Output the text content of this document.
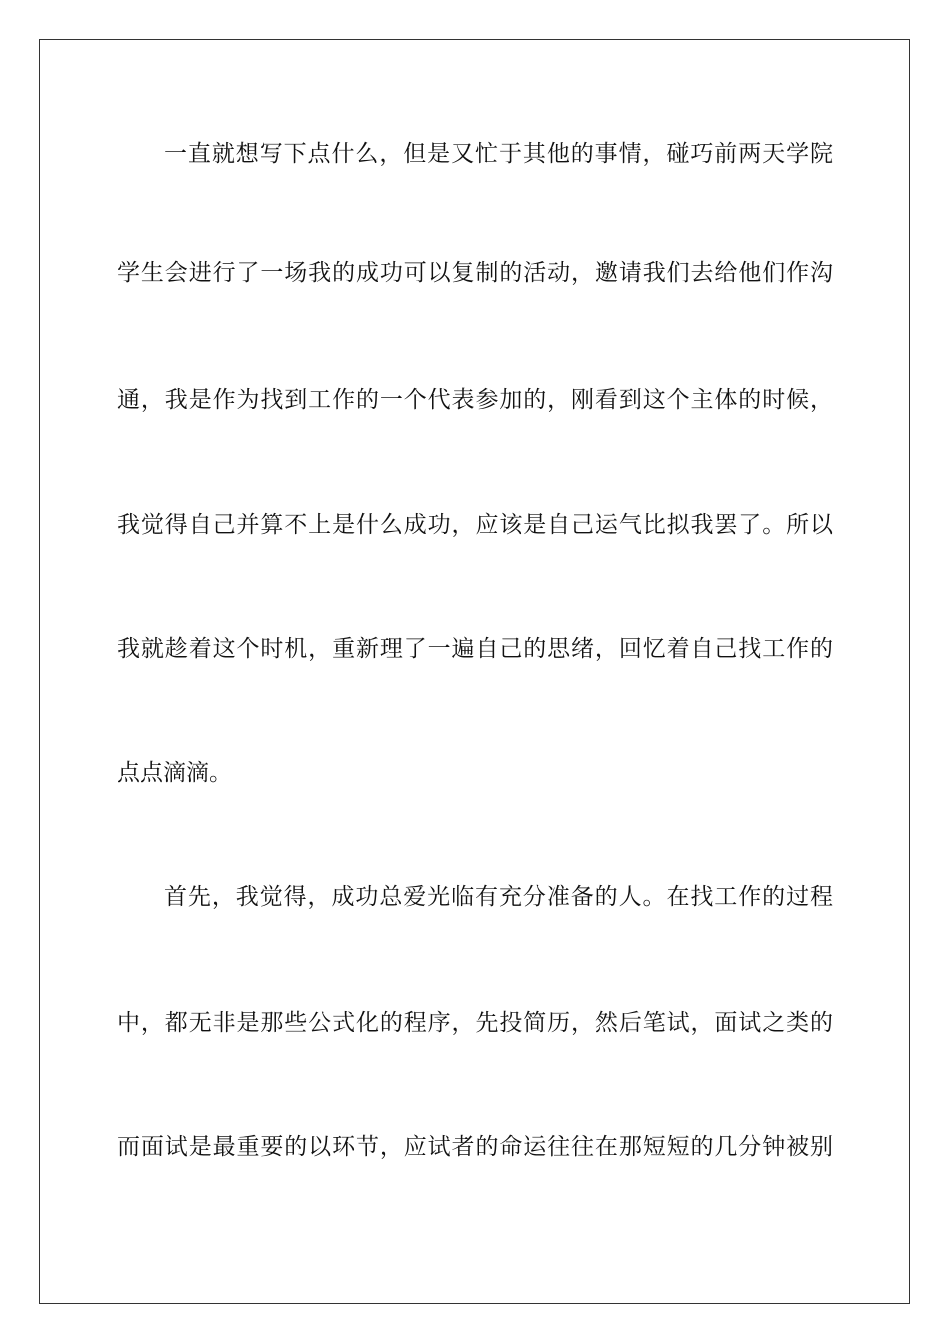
一直就想写下点什么，但是又忙于其他的事情，碰巧前两天学院
学生会进行了一场我的成功可以复制的活动，邀请我们去给他们作沟
通，我是作为找到工作的一个代表参加的，刚看到这个主体的时候，
我觉得自己并算不上是什么成功，应该是自己运气比拟我罢了。所以
我就趁着这个时机，重新理了一遍自己的思绪，回忆着自己找工作的
点点滴滴。
首先，我觉得，成功总爱光临有充分准备的人。在找工作的过程
中，都无非是那些公式化的程序，先投简历，然后笔试，面试之类的
而面试是最重要的以环节，应试者的命运往往在那短短的几分钟被别
